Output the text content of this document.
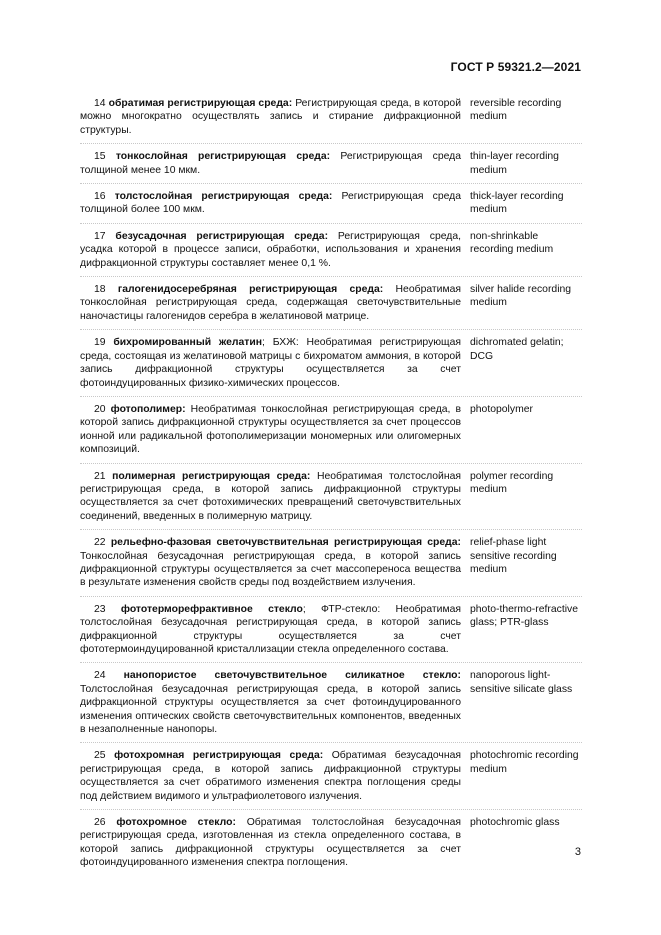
ГОСТ Р 59321.2—2021
14 обратимая регистрирующая среда: Регистрирующая среда, в которой можно многократно осуществлять запись и стирание дифракционной структуры.
reversible recording medium
15 тонкослойная регистрирующая среда: Регистрирующая среда толщиной менее 10 мкм.
thin-layer recording medium
16 толстослойная регистрирующая среда: Регистрирующая среда толщиной более 100 мкм.
thick-layer recording medium
17 безусадочная регистрирующая среда: Регистрирующая среда, усадка которой в процессе записи, обработки, использования и хранения дифракционной структуры составляет менее 0,1 %.
non-shrinkable recording medium
18 галогенидосеребряная регистрирующая среда: Необратимая тонкослойная регистрирующая среда, содержащая светочувствительные наночастицы галогенидов серебра в желатиновой матрице.
silver halide recording medium
19 бихромированный желатин; БХЖ: Необратимая регистрирующая среда, состоящая из желатиновой матрицы с бихроматом аммония, в которой запись дифракционной структуры осуществляется за счет фотоиндуцированных физико-химических процессов.
dichromated gelatin; DCG
20 фотополимер: Необратимая тонкослойная регистрирующая среда, в которой запись дифракционной структуры осуществляется за счет процессов ионной или радикальной фотополимеризации мономерных или олигомерных композиций.
photopolymer
21 полимерная регистрирующая среда: Необратимая толстослойная регистрирующая среда, в которой запись дифракционной структуры осуществляется за счет фотохимических превращений светочувствительных соединений, введенных в полимерную матрицу.
polymer recording medium
22 рельефно-фазовая светочувствительная регистрирующая среда: Тонкослойная безусадочная регистрирующая среда, в которой запись дифракционной структуры осуществляется за счет массопереноса вещества в результате изменения свойств среды под воздействием излучения.
relief-phase light sensitive recording medium
23 фототерморефрактивное стекло; ФТР-стекло: Необратимая толстослойная безусадочная регистрирующая среда, в которой запись дифракционной структуры осуществляется за счет фототермоиндуцированной кристаллизации стекла определенного состава.
photo-thermo-refractive glass; PTR-glass
24 нанопористое светочувствительное силикатное стекло: Толстослойная безусадочная регистрирующая среда, в которой запись дифракционной структуры осуществляется за счет фотоиндуцированного изменения оптических свойств светочувствительных компонентов, введенных в незаполненные нанопоры.
nanoporous light-sensitive silicate glass
25 фотохромная регистрирующая среда: Обратимая безусадочная регистрирующая среда, в которой запись дифракционной структуры осуществляется за счет обратимого изменения спектра поглощения среды под действием видимого и ультрафиолетового излучения.
photochromic recording medium
26 фотохромное стекло: Обратимая толстослойная безусадочная регистрирующая среда, изготовленная из стекла определенного состава, в которой запись дифракционной структуры осуществляется за счет фотоиндуцированного изменения спектра поглощения.
photochromic glass
3
